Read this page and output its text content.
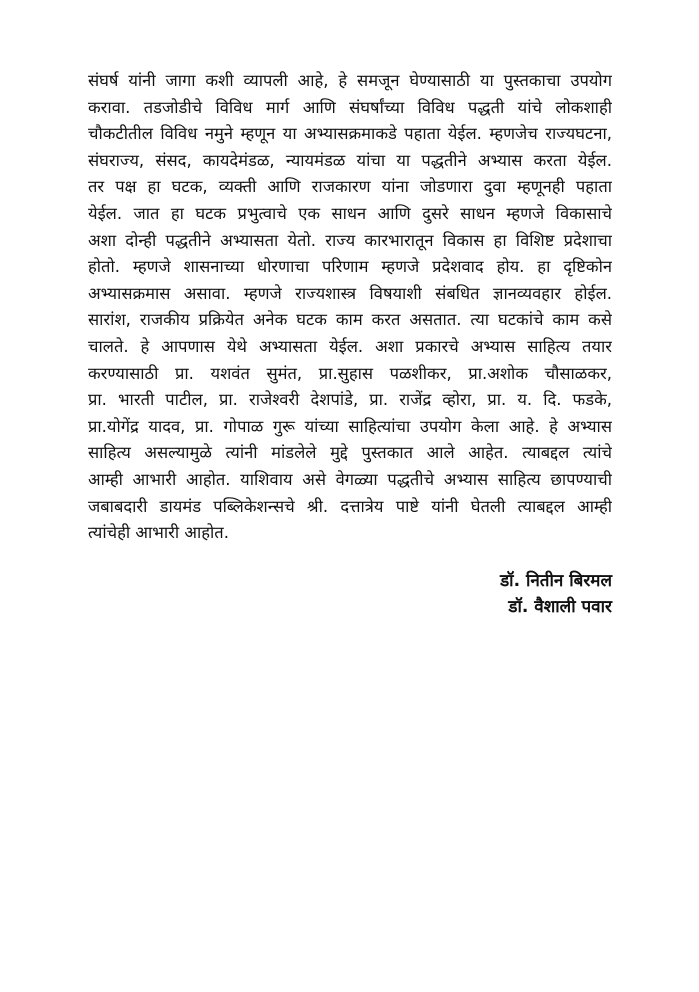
संघर्ष यांनी जागा कशी व्यापली आहे, हे समजून घेण्यासाठी या पुस्तकाचा उपयोग
करावा. तडजोडीचे विविध मार्ग आणि संघर्षांच्या विविध पद्धती यांचे लोकशाही
चौकटीतील विविध नमुने म्हणून या अभ्यासक्रमाकडे पहाता येईल. म्हणजेच राज्यघटना,
संघराज्य, संसद, कायदेमंडळ, न्यायमंडळ यांचा या पद्धतीने अभ्यास करता येईल.
तर पक्ष हा घटक, व्यक्ती आणि राजकारण यांना जोडणारा दुवा म्हणूनही पहाता
येईल. जात हा घटक प्रभुत्वाचे एक साधन आणि दुसरे साधन म्हणजे विकासाचे
अशा दोन्ही पद्धतीने अभ्यासता येतो. राज्य कारभारातून विकास हा विशिष्ट प्रदेशाचा
होतो. म्हणजे शासनाच्या धोरणाचा परिणाम म्हणजे प्रदेशवाद होय. हा दृष्टिकोन
अभ्यासक्रमास असावा. म्हणजे राज्यशास्त्र विषयाशी संबधित ज्ञानव्यवहार होईल.
सारांश, राजकीय प्रक्रियेत अनेक घटक काम करत असतात. त्या घटकांचे काम कसे
चालते. हे आपणास येथे अभ्यासता येईल. अशा प्रकारचे अभ्यास साहित्य तयार
करण्यासाठी प्रा. यशवंत सुमंत, प्रा.सुहास पळशीकर, प्रा.अशोक चौसाळकर,
प्रा. भारती पाटील, प्रा. राजेश्वरी देशपांडे, प्रा. राजेंद्र व्होरा, प्रा. य. दि. फडके,
प्रा.योगेंद्र यादव, प्रा. गोपाळ गुरू यांच्या साहित्यांचा उपयोग केला आहे. हे अभ्यास
साहित्य असल्यामुळे त्यांनी मांडलेले मुद्दे पुस्तकात आले आहेत. त्याबद्दल त्यांचे
आम्ही आभारी आहोत. याशिवाय असे वेगळ्या पद्धतीचे अभ्यास साहित्य छापण्याची
जबाबदारी डायमंड पब्लिकेशन्सचे श्री. दत्तात्रेय पाष्टे यांनी घेतली त्याबद्दल आम्ही
त्यांचेही आभारी आहोत.
डॉ. नितीन बिरमल
डॉ. वैशाली पवार
